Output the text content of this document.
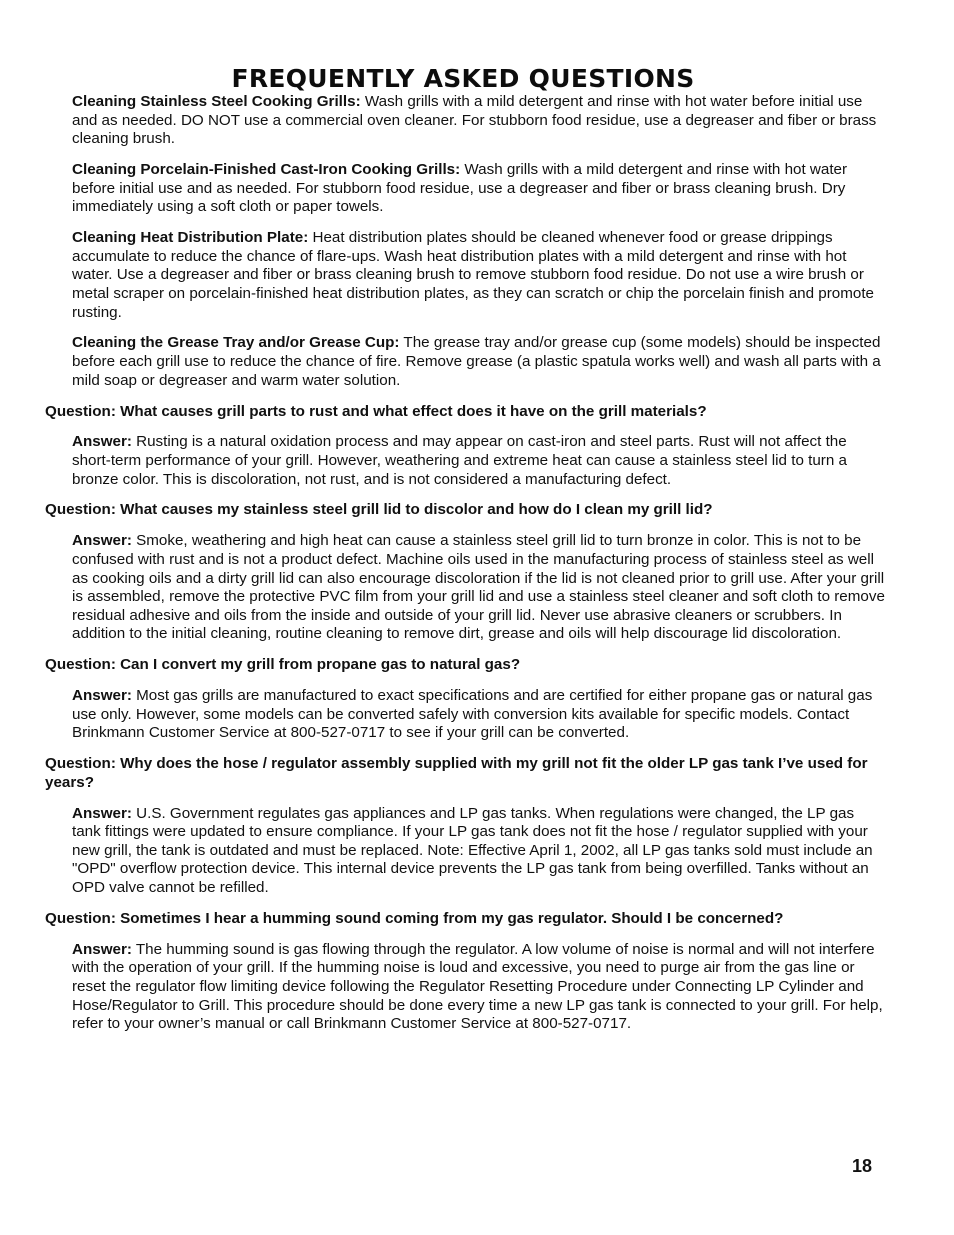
FREQUENTLY ASKED QUESTIONS

Cleaning Stainless Steel Cooking Grills: Wash grills with a mild detergent and rinse with hot water before initial use and as needed. DO NOT use a commercial oven cleaner. For stubborn food residue, use a degreaser and fiber or brass cleaning brush.

Cleaning Porcelain-Finished Cast-Iron Cooking Grills: Wash grills with a mild detergent and rinse with hot water before initial use and as needed. For stubborn food residue, use a degreaser and fiber or brass cleaning brush. Dry immediately using a soft cloth or paper towels.

Cleaning Heat Distribution Plate: Heat distribution plates should be cleaned whenever food or grease drippings accumulate to reduce the chance of flare-ups. Wash heat distribution plates with a mild detergent and rinse with hot water. Use a degreaser and fiber or brass cleaning brush to remove stubborn food residue. Do not use a wire brush or metal scraper on porcelain-finished heat distribution plates, as they can scratch or chip the porcelain finish and promote rusting.

Cleaning the Grease Tray and/or Grease Cup: The grease tray and/or grease cup (some models) should be inspected before each grill use to reduce the chance of fire. Remove grease (a plastic spatula works well) and wash all parts with a mild soap or degreaser and warm water solution.

Question: What causes grill parts to rust and what effect does it have on the grill materials?

Answer: Rusting is a natural oxidation process and may appear on cast-iron and steel parts. Rust will not affect the short-term performance of your grill. However, weathering and extreme heat can cause a stainless steel lid to turn a bronze color. This is discoloration, not rust, and is not considered a manufacturing defect.

Question: What causes my stainless steel grill lid to discolor and how do I clean my grill lid?

Answer: Smoke, weathering and high heat can cause a stainless steel grill lid to turn bronze in color. This is not to be confused with rust and is not a product defect. Machine oils used in the manufacturing process of stainless steel as well as cooking oils and a dirty grill lid can also encourage discoloration if the lid is not cleaned prior to grill use. After your grill is assembled, remove the protective PVC film from your grill lid and use a stainless steel cleaner and soft cloth to remove residual adhesive and oils from the inside and outside of your grill lid. Never use abrasive cleaners or scrubbers. In addition to the initial cleaning, routine cleaning to remove dirt, grease and oils will help discourage lid discoloration.

Question: Can I convert my grill from propane gas to natural gas?

Answer: Most gas grills are manufactured to exact specifications and are certified for either propane gas or natural gas use only. However, some models can be converted safely with conversion kits available for specific models. Contact Brinkmann Customer Service at 800-527-0717 to see if your grill can be converted.

Question: Why does the hose / regulator assembly supplied with my grill not fit the older LP gas tank I’ve used for years?

Answer: U.S. Government regulates gas appliances and LP gas tanks. When regulations were changed, the LP gas tank fittings were updated to ensure compliance. If your LP gas tank does not fit the hose / regulator supplied with your new grill, the tank is outdated and must be replaced. Note: Effective April 1, 2002, all LP gas tanks sold must include an "OPD" overflow protection device. This internal device prevents the LP gas tank from being overfilled. Tanks without an OPD valve cannot be refilled.

Question: Sometimes I hear a humming sound coming from my gas regulator. Should I be concerned?

Answer: The humming sound is gas flowing through the regulator. A low volume of noise is normal and will not interfere with the operation of your grill. If the humming noise is loud and excessive, you need to purge air from the gas line or reset the regulator flow limiting device following the Regulator Resetting Procedure under Connecting LP Cylinder and Hose/Regulator to Grill. This procedure should be done every time a new LP gas tank is connected to your grill. For help, refer to your owner’s manual or call Brinkmann Customer Service at 800-527-0717.

18
